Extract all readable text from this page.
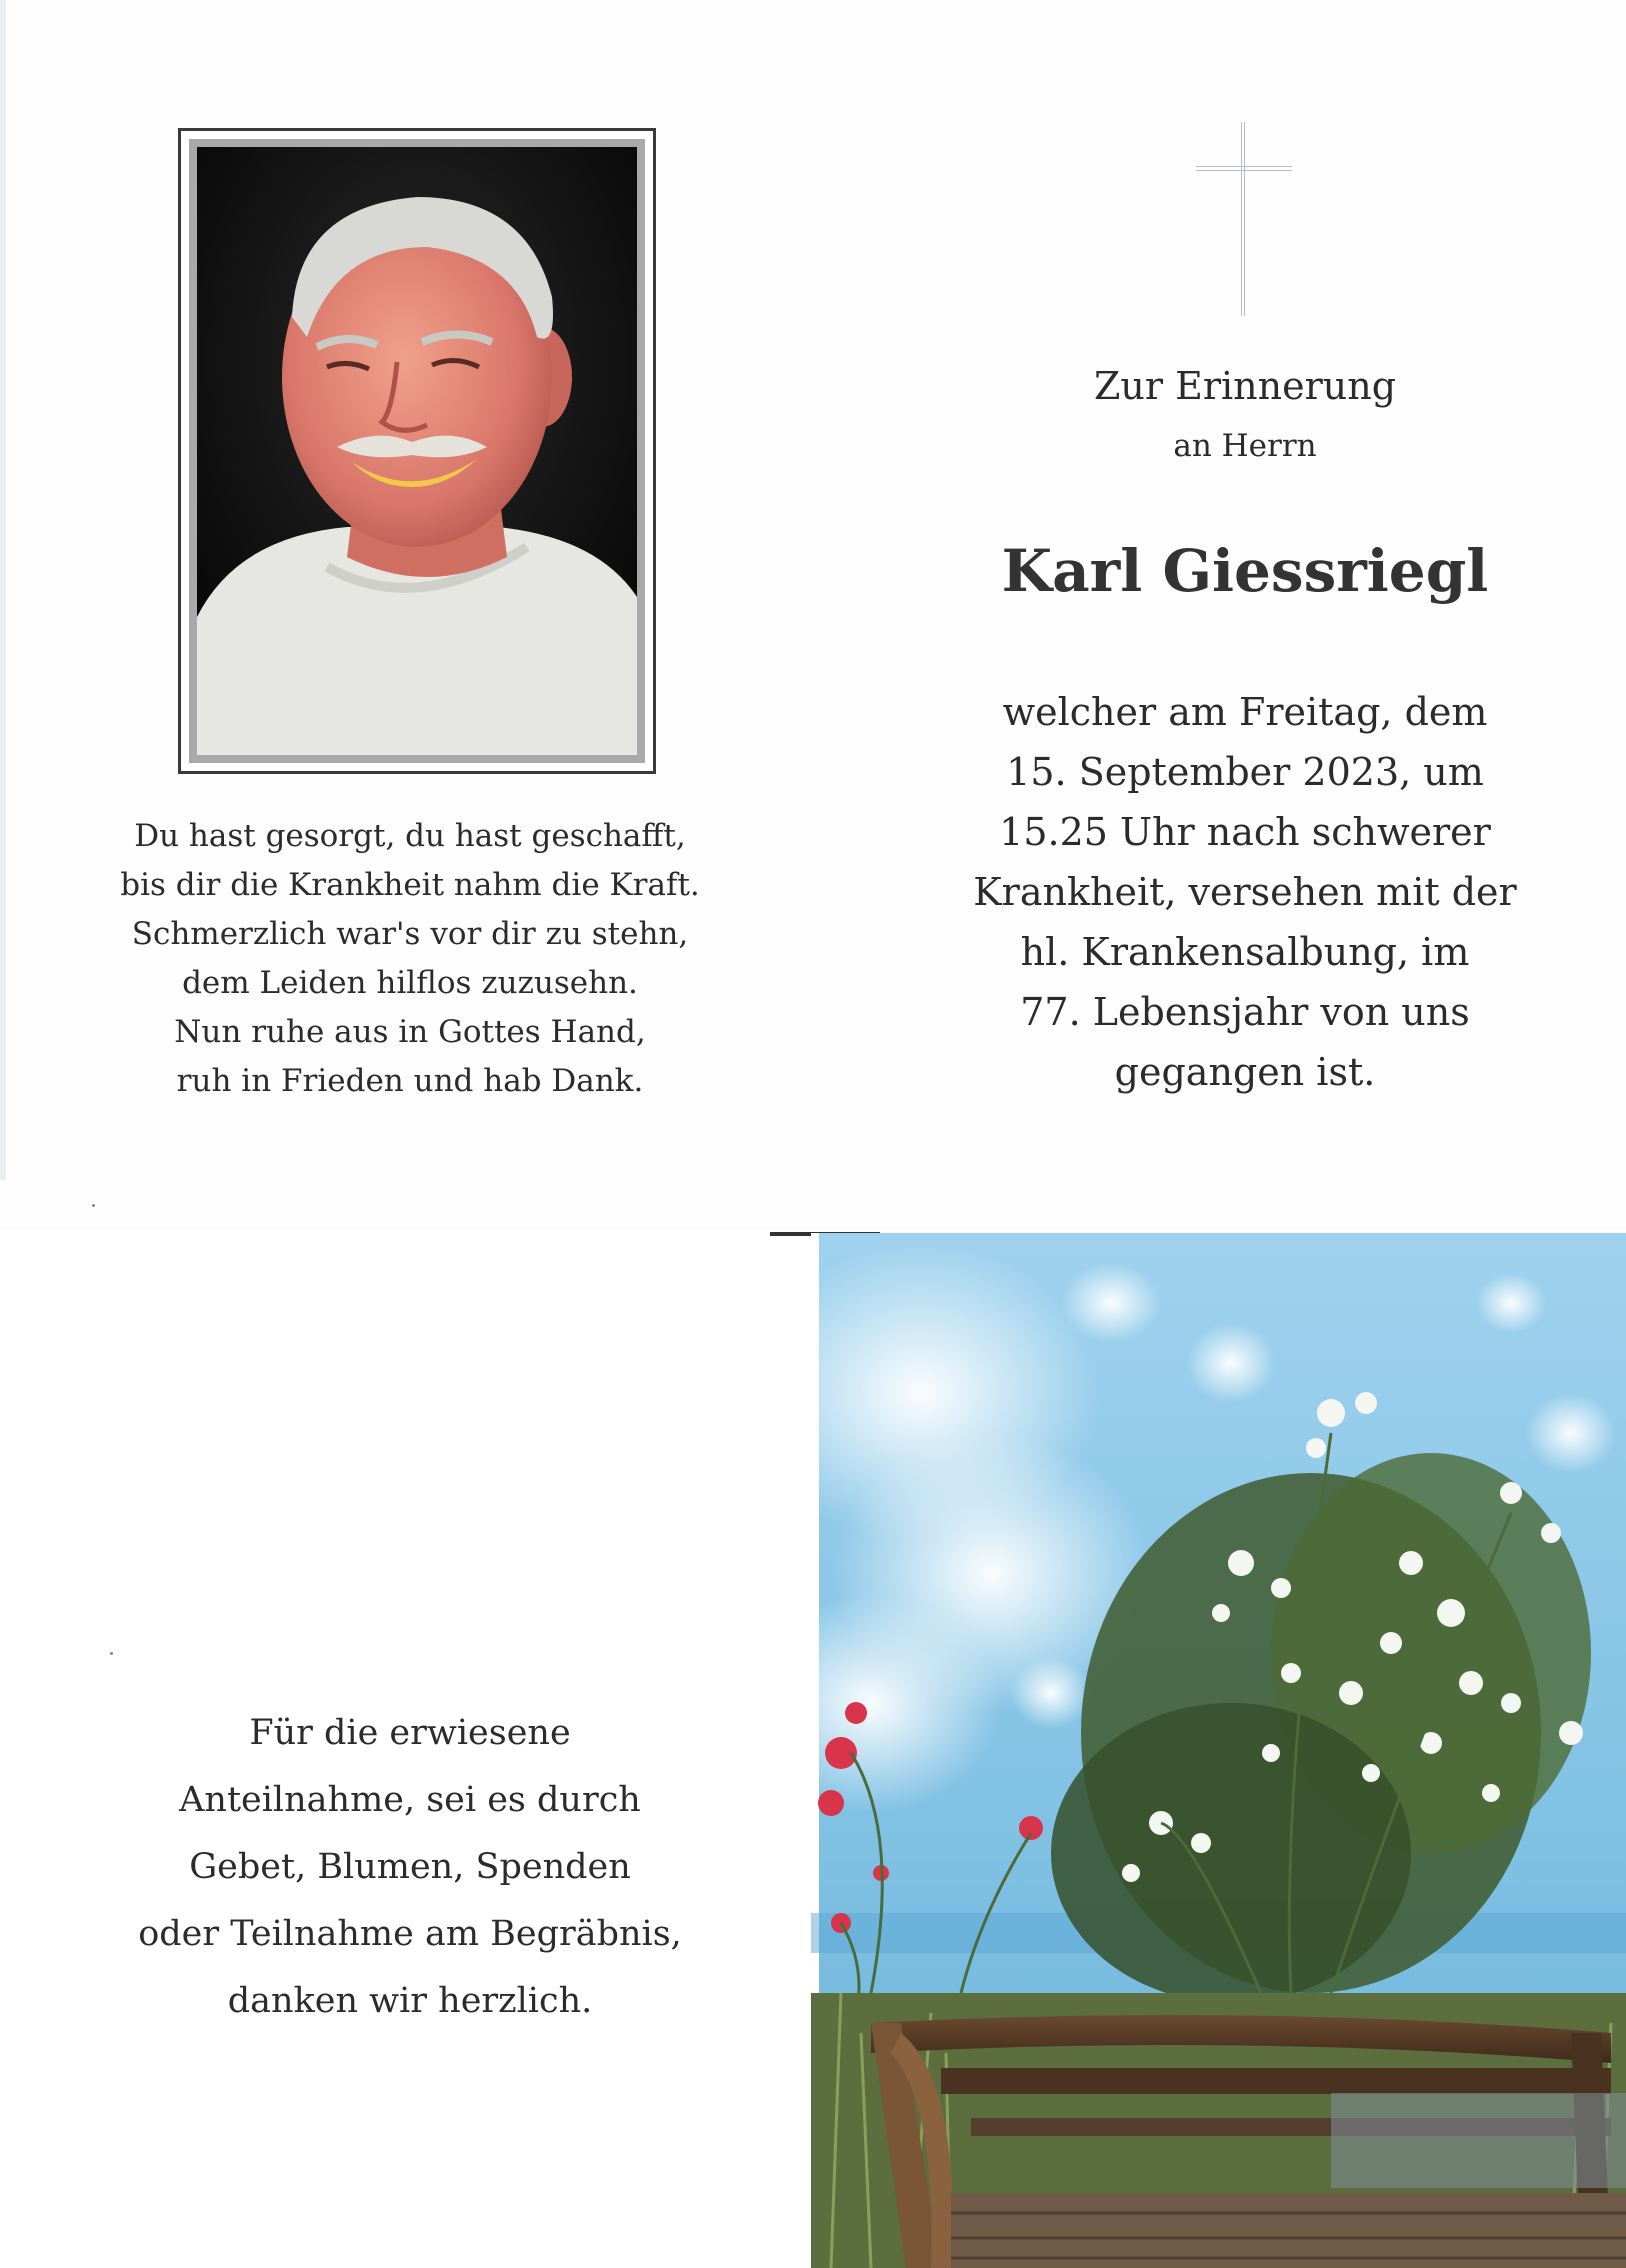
Zur Erinnerung
an Herrn
Karl Giessriegl
welcher am Freitag, dem
15. September 2023, um
15.25 Uhr nach schwerer
Krankheit, versehen mit der
hl. Krankensalbung, im
77. Lebensjahr von uns
gegangen ist.
Du hast gesorgt, du hast geschafft,
bis dir die Krankheit nahm die Kraft.
Schmerzlich war's vor dir zu stehn,
dem Leiden hilflos zuzusehn.
Nun ruhe aus in Gottes Hand,
ruh in Frieden und hab Dank.
Für die erwiesene
Anteilnahme, sei es durch
Gebet, Blumen, Spenden
oder Teilnahme am Begräbnis,
danken wir herzlich.
